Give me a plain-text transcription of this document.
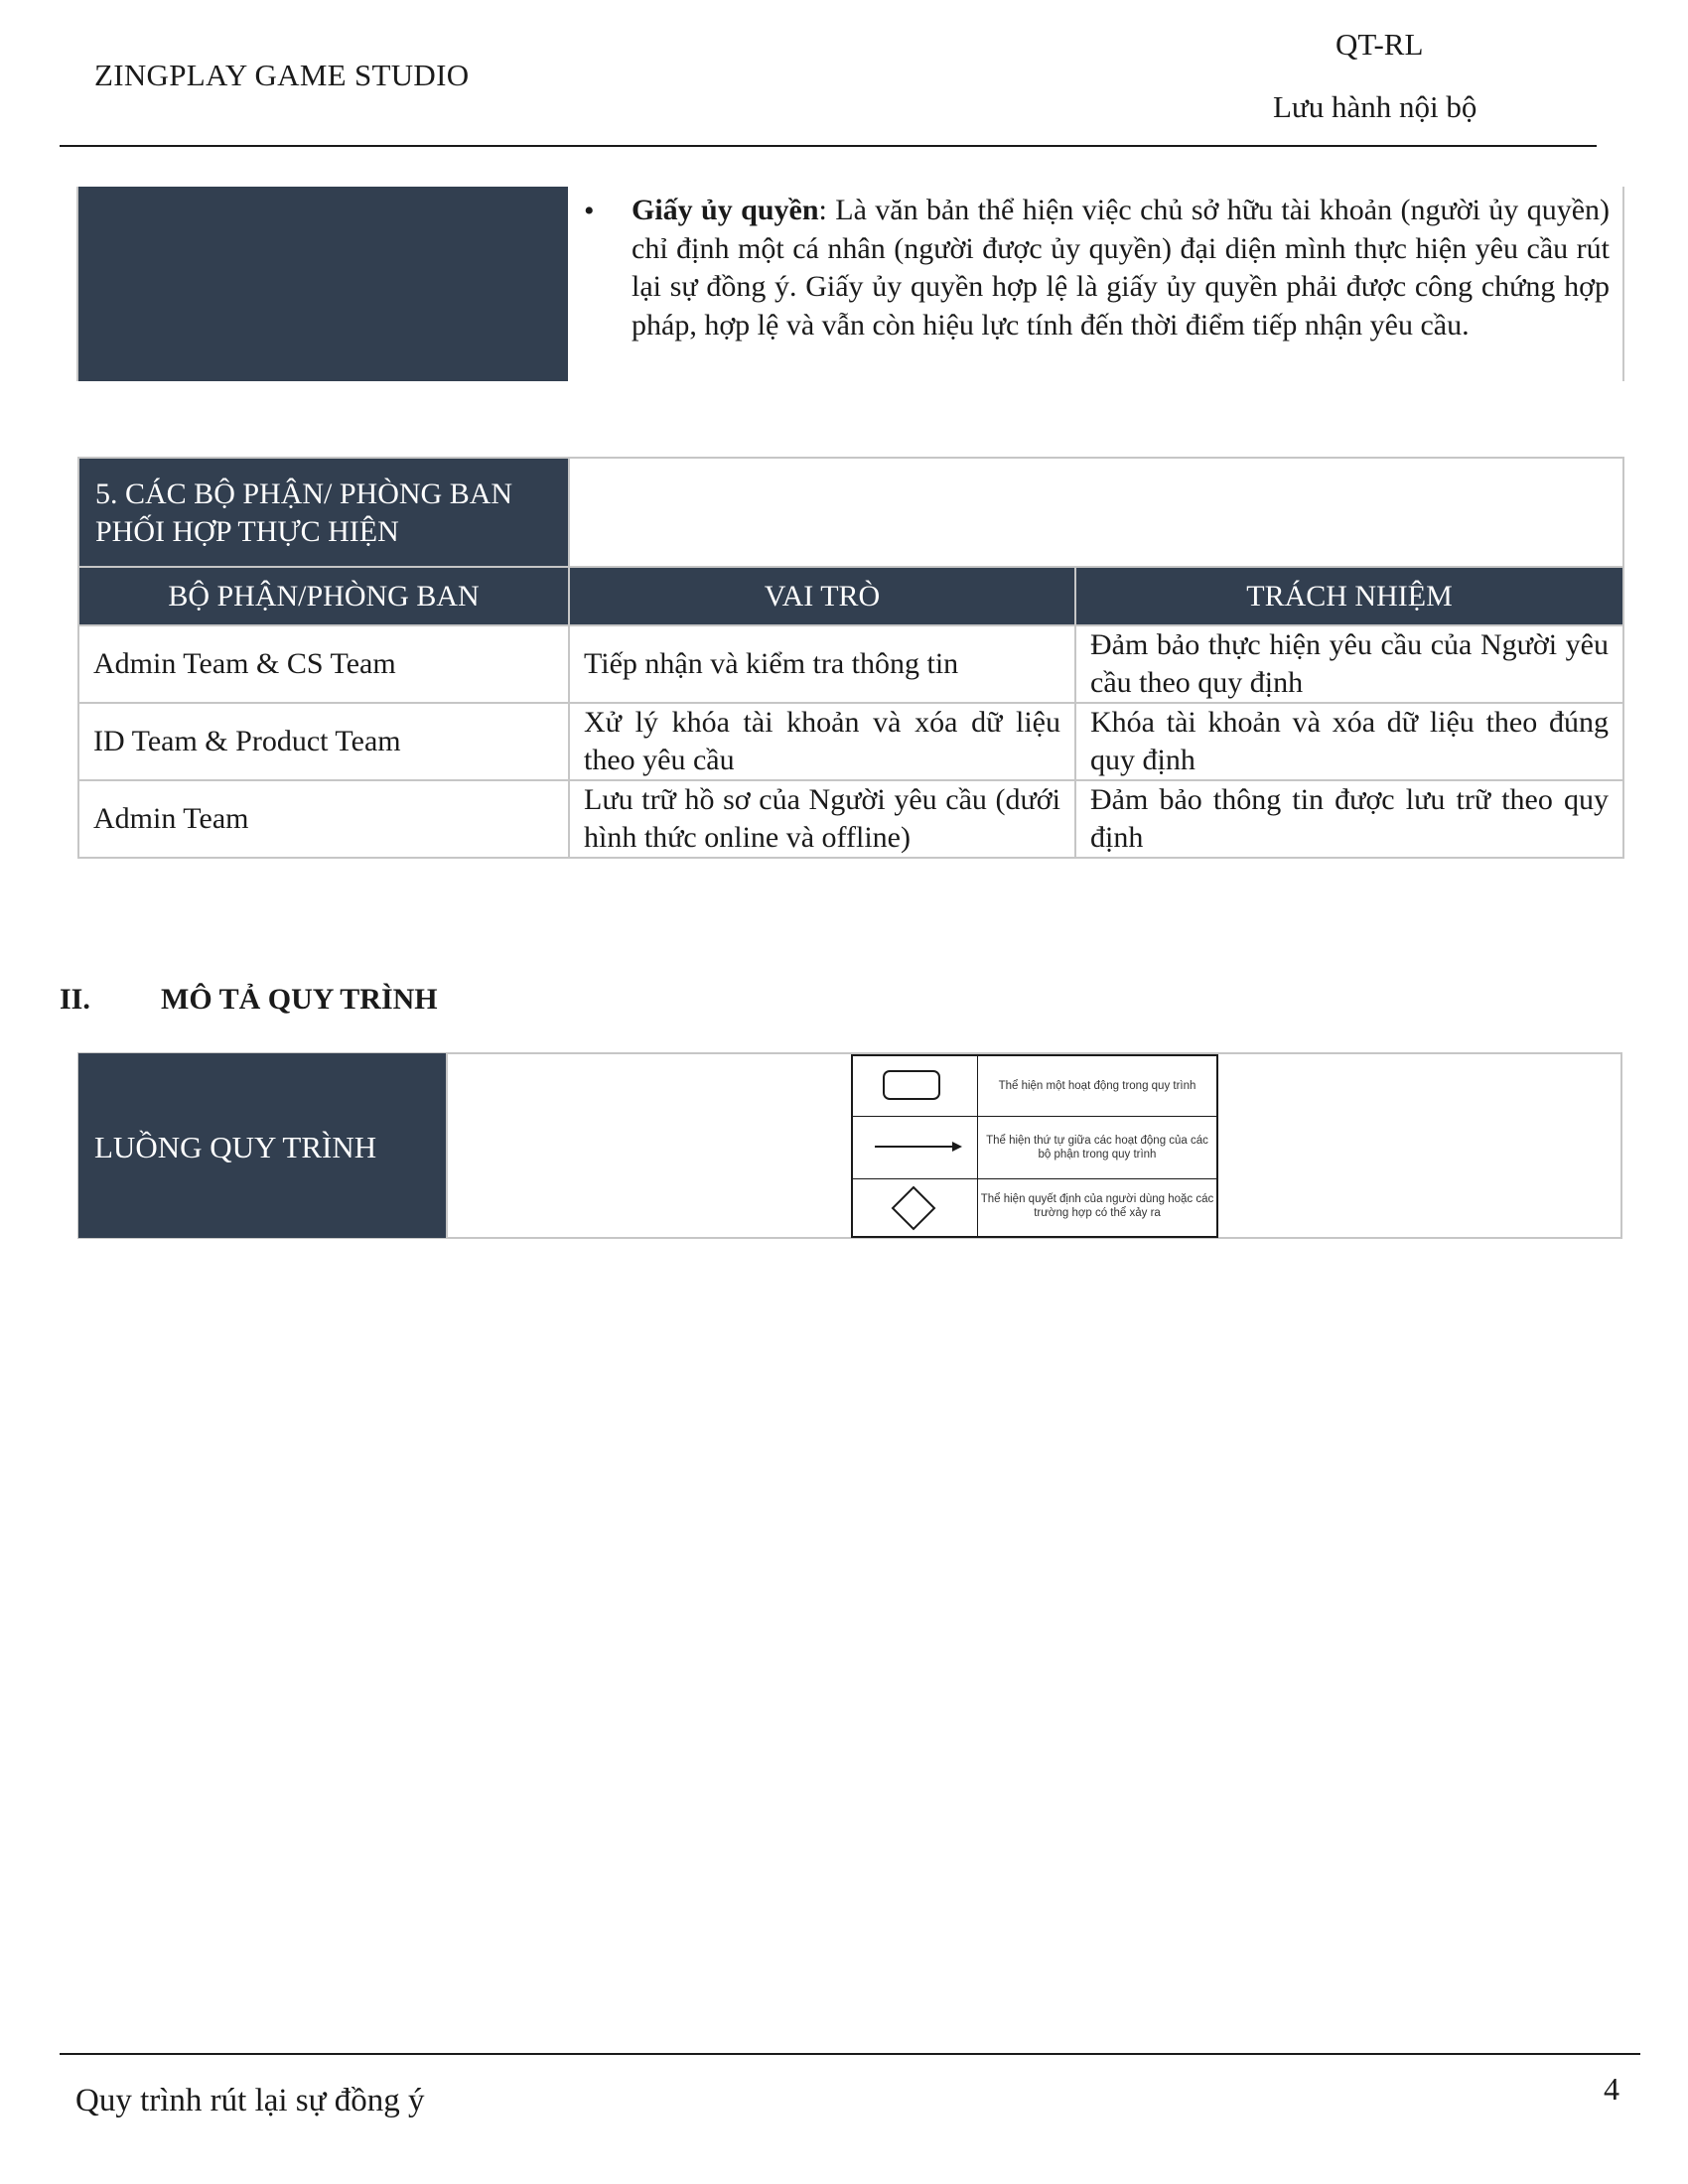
ZINGPLAY GAME STUDIO
QT-RL
Lưu hành nội bộ
• Giấy ủy quyền: Là văn bản thể hiện việc chủ sở hữu tài khoản (người ủy quyền) chỉ định một cá nhân (người được ủy quyền) đại diện mình thực hiện yêu cầu rút lại sự đồng ý. Giấy ủy quyền hợp lệ là giấy ủy quyền phải được công chứng hợp pháp, hợp lệ và vẫn còn hiệu lực tính đến thời điểm tiếp nhận yêu cầu.
5. CÁC BỘ PHẬN/ PHÒNG BAN PHỐI HỢP THỰC HIỆN		
BỘ PHẬN/PHÒNG BAN	VAI TRÒ	TRÁCH NHIỆM
Admin Team & CS Team	Tiếp nhận và kiểm tra thông tin	Đảm bảo thực hiện yêu cầu của Người yêu cầu theo quy định
ID Team & Product Team	Xử lý khóa tài khoản và xóa dữ liệu theo yêu cầu	Khóa tài khoản và xóa dữ liệu theo đúng quy định
Admin Team	Lưu trữ hồ sơ của Người yêu cầu (dưới hình thức online và offline)	Đảm bảo thông tin được lưu trữ theo quy định
II. MÔ TẢ QUY TRÌNH
LUỒNG QUY TRÌNH
Thể hiện một hoạt động trong quy trình
Thể hiện thứ tự giữa các hoạt động của các bộ phận trong quy trình
Thể hiện quyết định của người dùng hoặc các trường hợp có thể xảy ra
Quy trình rút lại sự đồng ý	4
